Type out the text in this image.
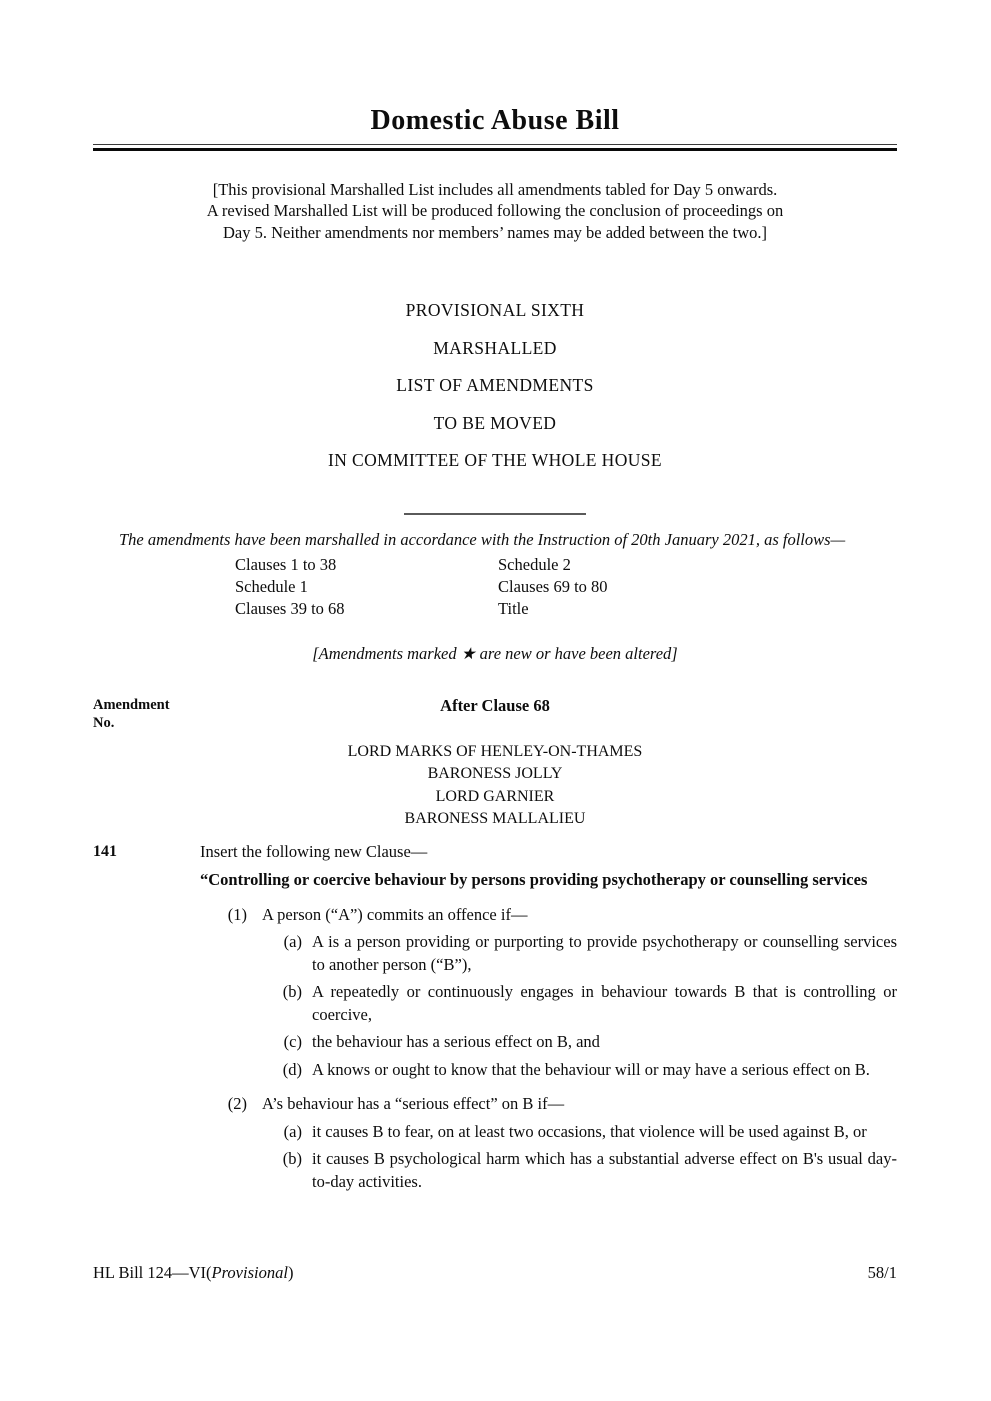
Domestic Abuse Bill
[This provisional Marshalled List includes all amendments tabled for Day 5 onwards.
A revised Marshalled List will be produced following the conclusion of proceedings on
Day 5. Neither amendments nor members’ names may be added between the two.]
PROVISIONAL SIXTH
MARSHALLED
LIST OF AMENDMENTS
TO BE MOVED
IN COMMITTEE OF THE WHOLE HOUSE

The amendments have been marshalled in accordance with the Instruction of 20th January 2021, as follows—

Clauses 1 to 38
Schedule 1
Clauses 39 to 68
Schedule 2
Clauses 69 to 80
Title
[Amendments marked ★ are new or have been altered]
Amendment
No.
After Clause 68
LORD MARKS OF HENLEY-ON-THAMES
BARONESS JOLLY
LORD GARNIER
BARONESS MALLALIEU
141	Insert the following new Clause—

“Controlling or coercive behaviour by persons providing psychotherapy or counselling services

(1) A person (“A”) commits an offence if—
(a) A is a person providing or purporting to provide psychotherapy or counselling services to another person (“B”),
(b) A repeatedly or continuously engages in behaviour towards B that is controlling or coercive,
(c) the behaviour has a serious effect on B, and
(d) A knows or ought to know that the behaviour will or may have a serious effect on B.
(2) A’s behaviour has a “serious effect” on B if—
(a) it causes B to fear, on at least two occasions, that violence will be used against B, or
(b) it causes B psychological harm which has a substantial adverse effect on B's usual day-to-day activities.
HL Bill 124—VI(Provisional)	58/1
